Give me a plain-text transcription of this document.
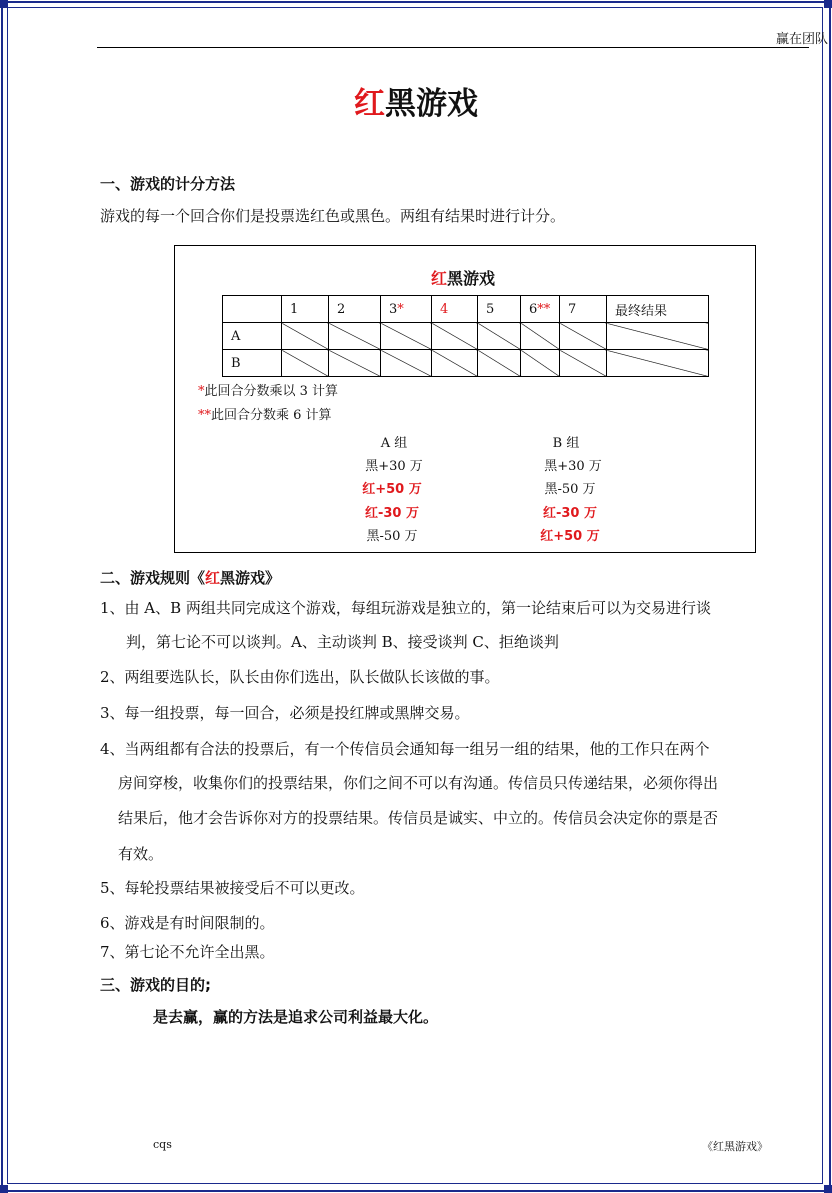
赢在团队
红黑游戏
一、游戏的计分方法
游戏的每一个回合你们是投票选红色或黑色。两组有结果时进行计分。
红黑游戏
	1	2	3*	4	5	6**	7	最终结果
A								
B								
*此回合分数乘以 3 计算
**此回合分数乘 6 计算
A 组	B 组
黑+30 万	黑+30 万
红+50 万	黑-50 万
红-30 万	红-30 万
黑-50 万	红+50 万
二、游戏规则《红黑游戏》
1、由 A、B 两组共同完成这个游戏，每组玩游戏是独立的，第一论结束后可以为交易进行谈
判，第七论不可以谈判。A、主动谈判 B、接受谈判 C、拒绝谈判
2、两组要选队长，队长由你们选出，队长做队长该做的事。
3、每一组投票，每一回合，必须是投红牌或黑牌交易。
4、当两组都有合法的投票后，有一个传信员会通知每一组另一组的结果，他的工作只在两个
房间穿梭，收集你们的投票结果，你们之间不可以有沟通。传信员只传递结果，必须你得出
结果后，他才会告诉你对方的投票结果。传信员是诚实、中立的。传信员会决定你的票是否
有效。
5、每轮投票结果被接受后不可以更改。
6、游戏是有时间限制的。
7、第七论不允许全出黑。
三、游戏的目的;
是去赢，赢的方法是追求公司利益最大化。
cqs	《红黑游戏》
